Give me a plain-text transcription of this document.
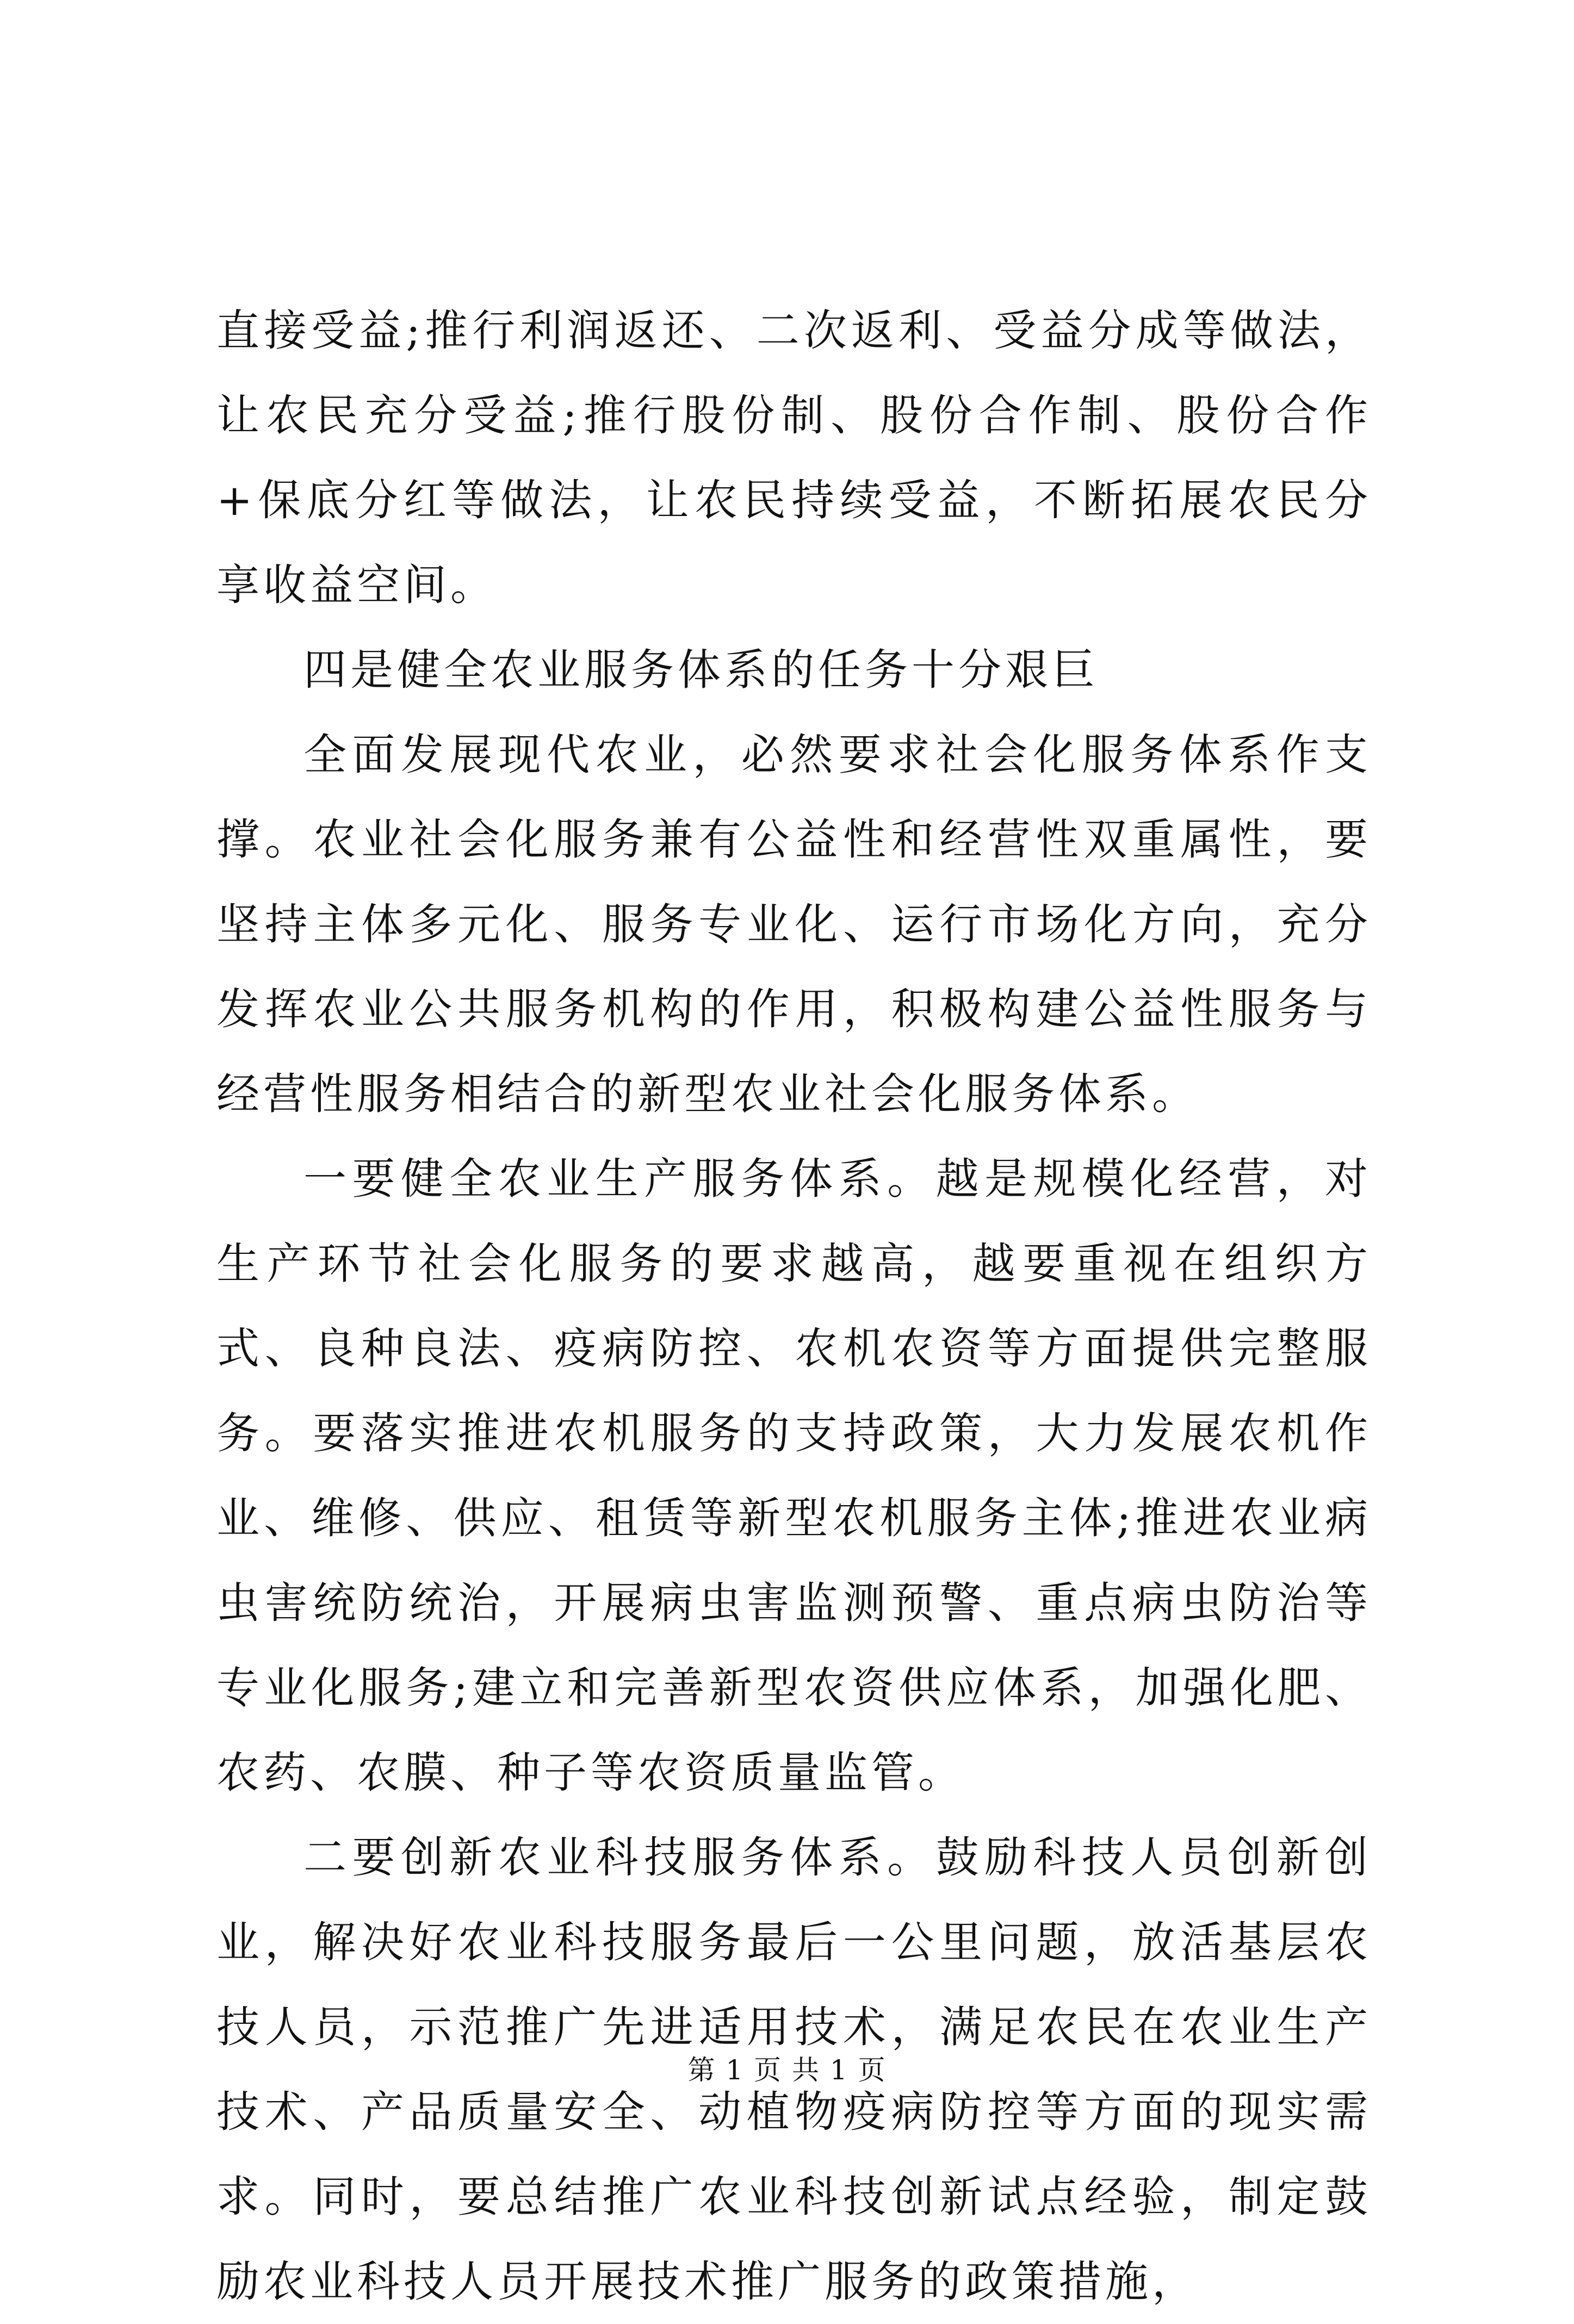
直接受益;推行利润返还、二次返利、受益分成等做法，让农民充分受益;推行股份制、股份合作制、股份合作+保底分红等做法，让农民持续受益，不断拓展农民分享收益空间。

四是健全农业服务体系的任务十分艰巨

全面发展现代农业，必然要求社会化服务体系作支撑。农业社会化服务兼有公益性和经营性双重属性，要坚持主体多元化、服务专业化、运行市场化方向，充分发挥农业公共服务机构的作用，积极构建公益性服务与经营性服务相结合的新型农业社会化服务体系。

一要健全农业生产服务体系。越是规模化经营，对生产环节社会化服务的要求越高，越要重视在组织方式、良种良法、疫病防控、农机农资等方面提供完整服务。要落实推进农机服务的支持政策，大力发展农机作业、维修、供应、租赁等新型农机服务主体;推进农业病虫害统防统治，开展病虫害监测预警、重点病虫防治等专业化服务;建立和完善新型农资供应体系，加强化肥、农药、农膜、种子等农资质量监管。

二要创新农业科技服务体系。鼓励科技人员创新创业，解决好农业科技服务最后一公里问题，放活基层农技人员，示范推广先进适用技术，满足农民在农业生产技术、产品质量安全、动植物疫病防控等方面的现实需求。同时，要总结推广农业科技创新试点经验，制定鼓励农业科技人员开展技术推广服务的政策措施，

第 1 页 共 1 页
